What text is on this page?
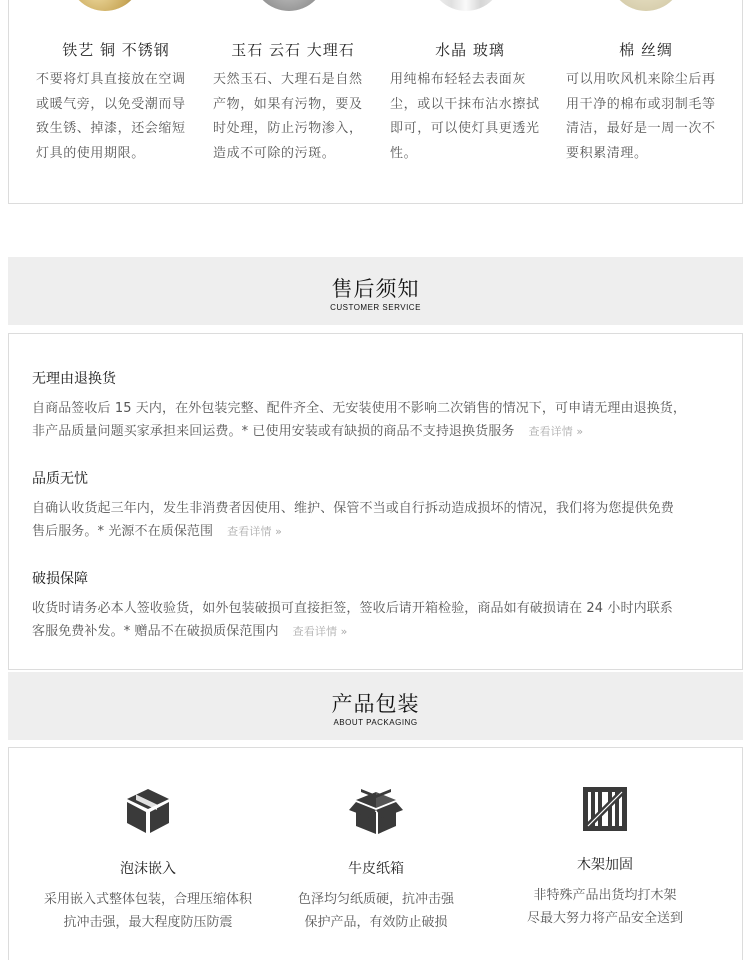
铁艺 铜 不锈钢
不要将灯具直接放在空调或暖气旁，以免受潮而导致生锈、掉漆，还会缩短灯具的使用期限。
玉石 云石 大理石
天然玉石、大理石是自然产物，如果有污物，要及时处理，防止污物渗入，造成不可除的污斑。
水晶 玻璃
用纯棉布轻轻去表面灰尘，或以干抹布沾水擦拭即可，可以使灯具更透光性。
棉 丝绸
可以用吹风机来除尘后再用干净的棉布或羽制毛等清洁，最好是一周一次不要积累清理。
售后须知
CUSTOMER SERVICE
无理由退换货
自商品签收后 15 天内，在外包装完整、配件齐全、无安装使用不影响二次销售的情况下，可申请无理由退换货，
非产品质量问题买家承担来回运费。* 已使用安装或有缺损的商品不支持退换货服务 查看详情 »
品质无忧
自确认收货起三年内，发生非消费者因使用、维护、保管不当或自行拆动造成损坏的情况，我们将为您提供免费
售后服务。* 光源不在质保范围 查看详情 »
破损保障
收货时请务必本人签收验货，如外包装破损可直接拒签，签收后请开箱检验，商品如有破损请在 24 小时内联系
客服免费补发。* 赠品不在破损质保范围内 查看详情 »
产品包装
ABOUT PACKAGING
泡沫嵌入
采用嵌入式整体包装，合理压缩体积
抗冲击强，最大程度防压防震
牛皮纸箱
色泽均匀纸质硬，抗冲击强
保护产品，有效防止破损
木架加固
非特殊产品出货均打木架
尽最大努力将产品安全送到
